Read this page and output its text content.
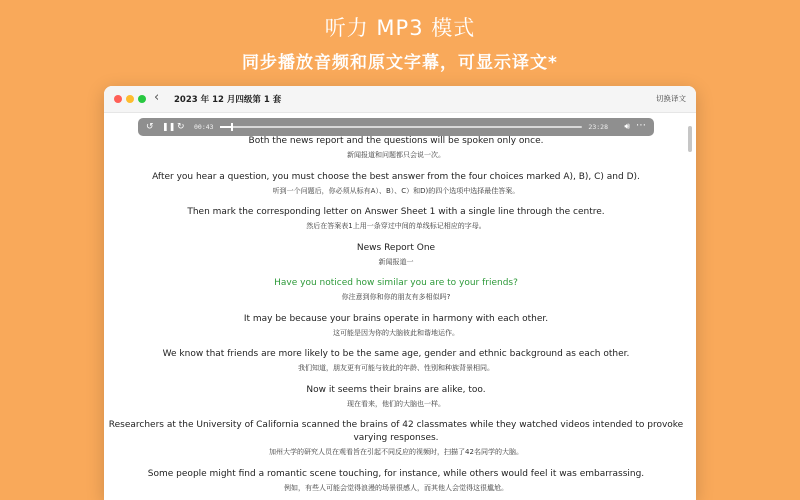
听力 MP3 模式
同步播放音频和原文字幕，可显示译文*
‹ 2023 年 12 月四级第 1 套	切换译文
↺ ❚❚ ↻ 00:43	23:28 🔊︎ ⋯
Both the news report and the questions will be spoken only once.
新闻报道和问题都只会说一次。
After you hear a question, you must choose the best answer from the four choices marked A), B), C) and D).
听到一个问题后，你必须从标有A）、B）、C）和D)的四个选项中选择最佳答案。
Then mark the corresponding letter on Answer Sheet 1 with a single line through the centre.
然后在答案表1上用一条穿过中间的单线标记相应的字母。
News Report One
新闻报道一
Have you noticed how similar you are to your friends?
你注意到你和你的朋友有多相似吗?
It may be because your brains operate in harmony with each other.
这可能是因为你的大脑彼此和谐地运作。
We know that friends are more likely to be the same age, gender and ethnic background as each other.
我们知道，朋友更有可能与彼此的年龄、性别和种族背景相同。
Now it seems their brains are alike, too.
现在看来，他们的大脑也一样。
Researchers at the University of California scanned the brains of 42 classmates while they watched videos intended to provoke
varying responses.
加州大学的研究人员在观看旨在引起不同反应的视频时，扫描了42名同学的大脑。
Some people might find a romantic scene touching, for instance, while others would feel it was embarrassing.
例如，有些人可能会觉得浪漫的场景很感人，而其他人会觉得这很尴尬。
